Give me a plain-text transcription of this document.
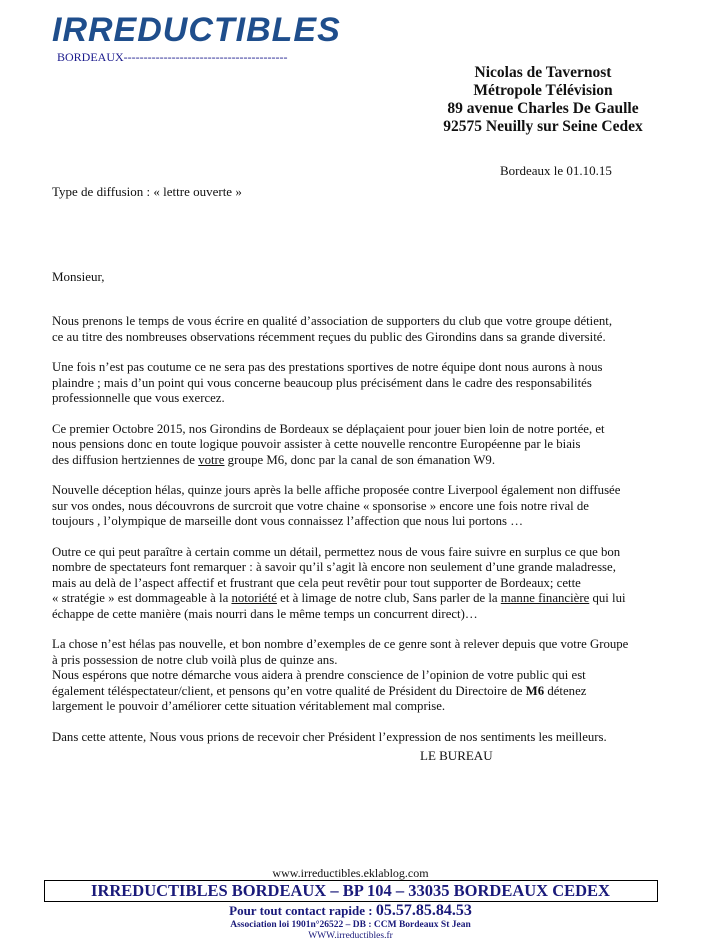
IRREDUCTIBLES
BORDEAUX-----------------------------------------
Nicolas de Tavernost
Métropole Télévision
89 avenue Charles De Gaulle
92575 Neuilly sur Seine Cedex
Bordeaux le 01.10.15
Type de diffusion : « lettre ouverte »
Monsieur,
Nous prenons le temps de vous écrire en qualité d’association de supporters du club que votre groupe détient,
ce au titre des nombreuses observations récemment reçues du public des Girondins dans sa grande diversité.
Une fois n’est pas coutume ce ne sera pas des prestations sportives de notre équipe dont nous aurons à nous
plaindre ; mais d’un point qui vous concerne beaucoup plus précisément dans le cadre des responsabilités
professionnelle que vous exercez.
Ce premier Octobre 2015, nos Girondins de Bordeaux se déplaçaient pour jouer bien loin de notre portée, et
nous pensions donc en toute logique pouvoir assister à cette nouvelle rencontre Européenne par le biais
des diffusion hertziennes de votre groupe M6, donc par la canal de son émanation W9.
Nouvelle déception hélas, quinze jours après la belle affiche proposée contre Liverpool également non diffusée
sur vos ondes, nous découvrons de surcroit que votre chaine « sponsorise » encore une fois notre rival de
toujours , l’olympique de marseille dont vous connaissez l’affection que nous lui portons …
Outre ce qui peut paraître à certain comme un détail, permettez nous de vous faire suivre en surplus ce que bon
nombre de spectateurs font remarquer : à savoir qu’il s’agit là encore non seulement d’une grande maladresse,
mais au delà de l’aspect affectif et frustrant que cela peut revêtir pour tout supporter de Bordeaux; cette
« stratégie » est dommageable à la notoriété et à limage de notre club, Sans parler de la manne financière qui lui
échappe de cette manière (mais nourri dans le même temps un concurrent direct)…
La chose n’est hélas pas nouvelle, et bon nombre d’exemples de ce genre sont à relever depuis que votre Groupe
à pris possession de notre club voilà plus de quinze ans.
Nous espérons que notre démarche vous aidera à prendre conscience de l’opinion de votre public qui est
également téléspectateur/client, et pensons qu’en votre qualité de Président du Directoire de M6 détenez
largement le pouvoir d’améliorer cette situation véritablement mal comprise.
Dans cette attente, Nous vous prions de recevoir cher Président l’expression de nos sentiments les meilleurs.
LE BUREAU
www.irreductibles.eklablog.com
IRREDUCTIBLES BORDEAUX – BP 104 – 33035 BORDEAUX CEDEX
Pour tout contact rapide : 05.57.85.84.53
Association loi 1901n°26522 – DB : CCM Bordeaux St Jean
WWW.irreductibles.fr
